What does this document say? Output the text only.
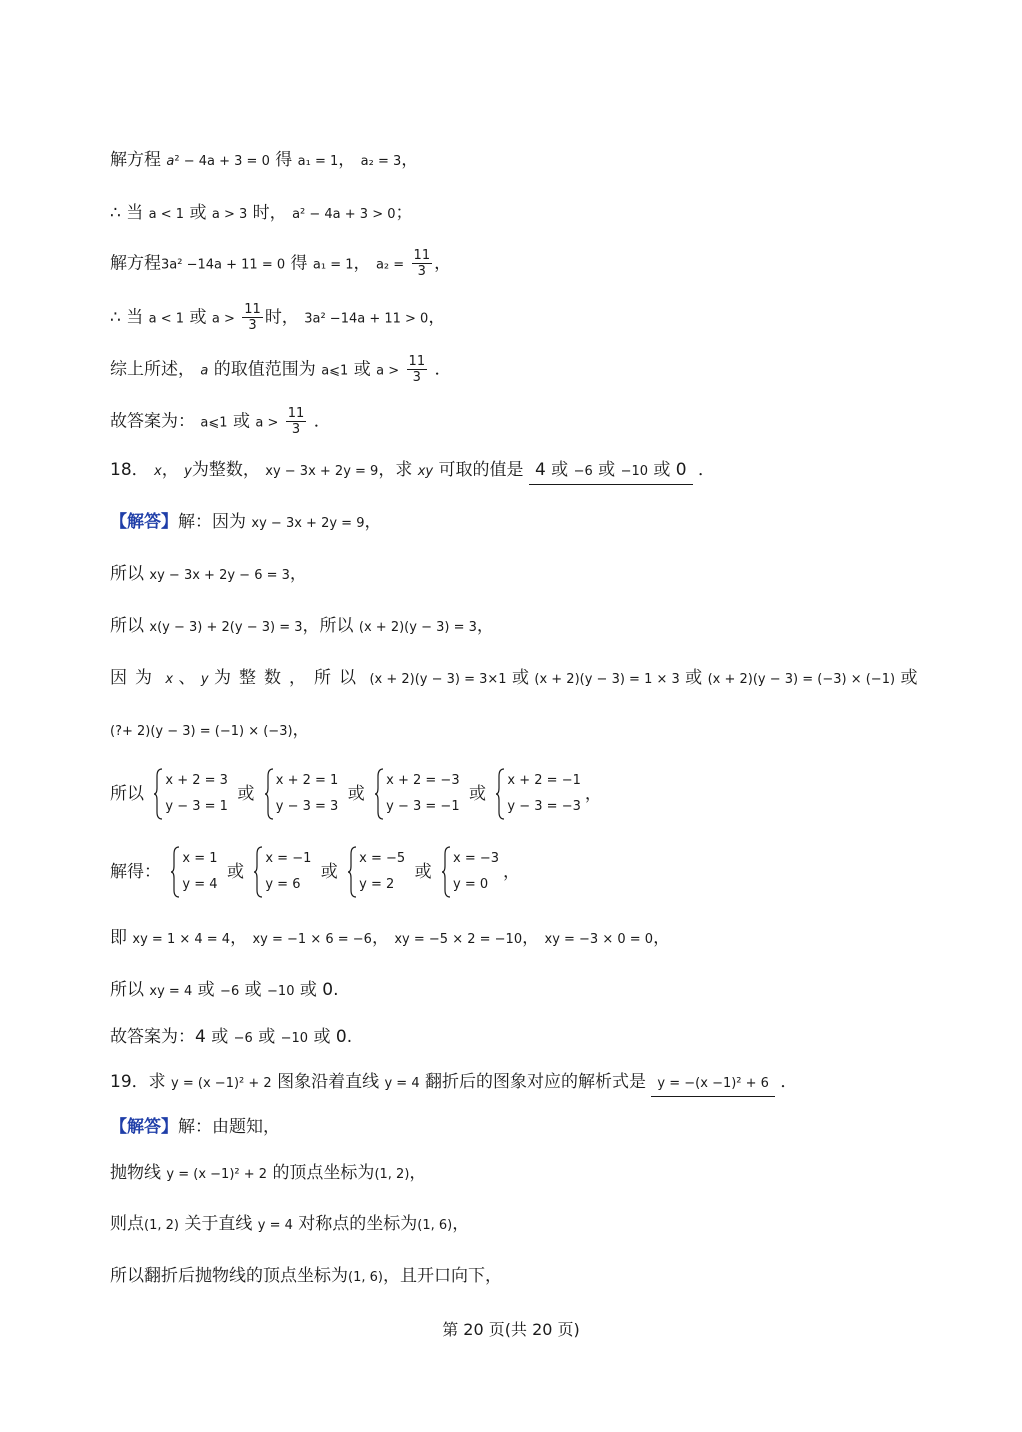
解方程 a² − 4a + 3 = 0 得 a₁ = 1， a₂ = 3，
∴ 当 a < 1 或 a > 3 时， a² − 4a + 3 > 0；
解方程3a² −14a + 11 = 0 得 a₁ = 1， $a_2 = \frac{11}{3}$ ，
∴ 当 a < 1 或 $a > \frac{11}{3}$ 时， 3a² −14a + 11 > 0，
综上所述， a 的取值范围为 a⩽1 或 $a > \frac{11}{3}$ ．
故答案为： a⩽1 或 $a > \frac{11}{3}$ ．
18． x， y为整数， xy − 3x + 2y = 9，求 xy 可取的值是 4 或 −6 或 −10 或 0 ．
【解答】解：因为 xy − 3x + 2y = 9，
所以 xy − 3x + 2y − 6 = 3，
所以 x(y − 3) + 2(y − 3) = 3，所以 (x + 2)(y − 3) = 3，
因为 x 、 y 为整数，所以 (x + 2)(y − 3) = 3×1 或 (x + 2)(y − 3) = 1 × 3 或 (x + 2)(y − 3) = (−3) × (−1) 或
(?+ 2)(y − 3) = (−1) × (−3)，
所以
x + 2 = 3
y − 3 = 1
或
x + 2 = 1
y − 3 = 3
或
x + 2 = −3
y − 3 = −1
或
x + 2 = −1
y − 3 = −3
，
解得：
x = 1
y = 4
或
x = −1
y = 6
或
x = −5
y = 2
或
x = −3
y = 0
，
即 xy = 1 × 4 = 4， xy = −1 × 6 = −6， xy = −5 × 2 = −10， xy = −3 × 0 = 0，
所以 xy = 4 或 −6 或 −10 或 0.
故答案为：4 或 −6 或 −10 或 0.
19．求 y = (x −1)² + 2 图象沿着直线 y = 4 翻折后的图象对应的解析式是 y = −(x −1)² + 6 ．
【解答】解：由题知，
抛物线 y = (x −1)² + 2 的顶点坐标为(1, 2)，
则点(1, 2) 关于直线 y = 4 对称点的坐标为(1, 6)，
所以翻折后抛物线的顶点坐标为(1, 6)，且开口向下，
第 20 页(共 20 页)
